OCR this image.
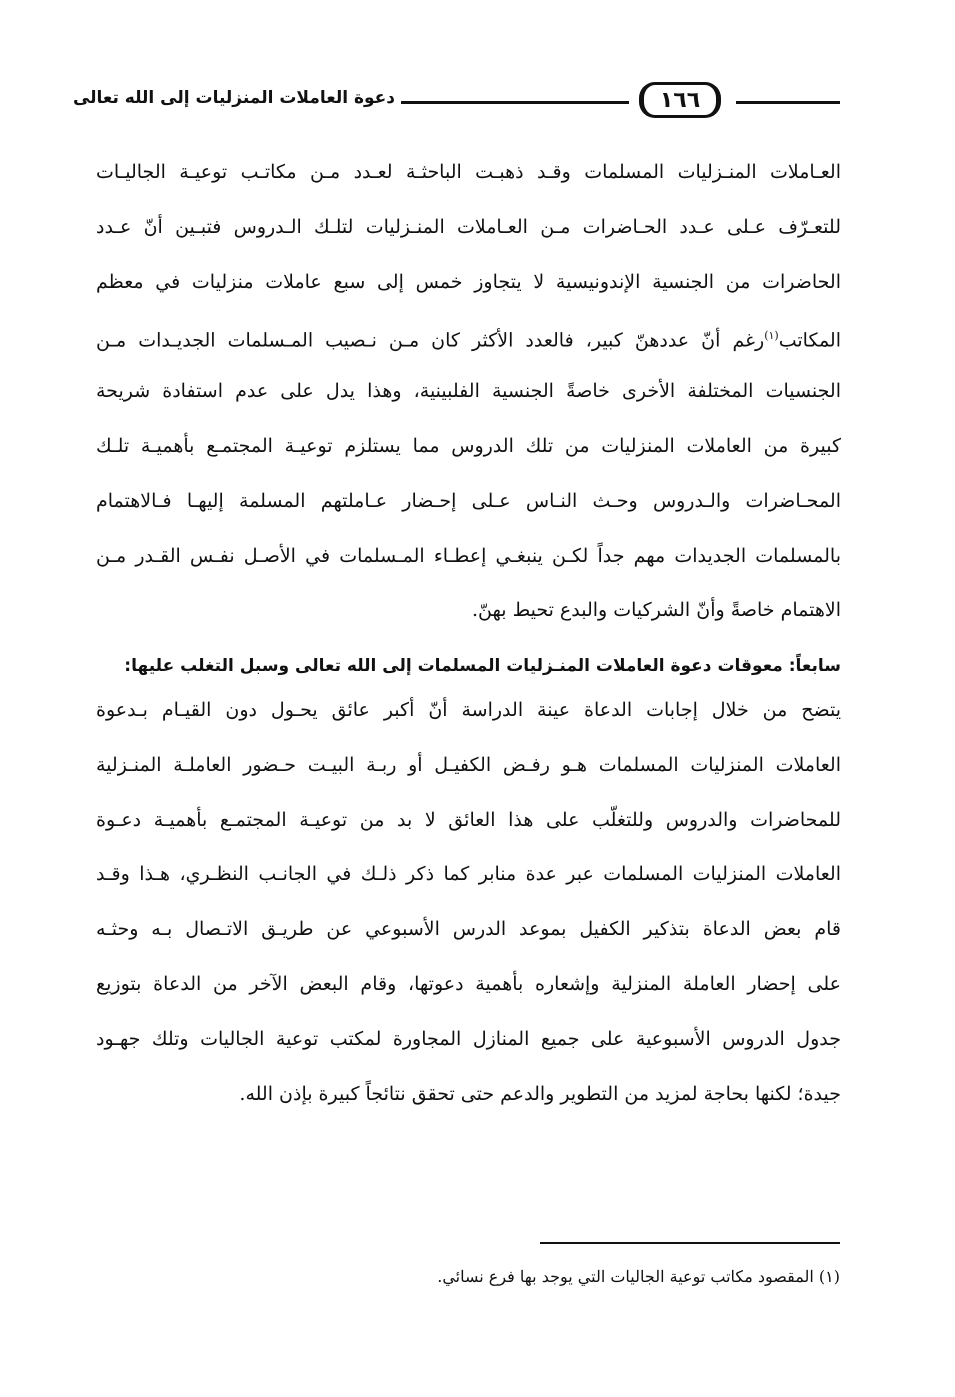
١٦٦
دعوة العاملات المنزليات إلى الله تعالى
العـاملات المنـزليات المسلمات وقـد ذهبـت الباحثـة لعـدد مـن مكاتـب توعيـة الجاليـات
للتعـرّف عـلى عـدد الحـاضرات مـن العـاملات المنـزليات لتلـك الـدروس فتبـين أنّ عـدد
الحاضرات من الجنسية الإندونيسية لا يتجاوز خمس إلى سبع عاملات منزليات في معظم
المكاتب$^{(١)}$رغم أنّ عددهنّ كبير، فالعدد الأكثر كان مـن نـصيب المـسلمات الجديـدات مـن
الجنسيات المختلفة الأخرى خاصةً الجنسية الفلبينية، وهذا يدل على عدم استفادة شريحة
كبيرة من العاملات المنزليات من تلك الدروس مما يستلزم توعيـة المجتمـع بأهميـة تلـك
المحـاضرات والـدروس وحـث النـاس عـلى إحـضار عـاملتهم المسلمة إليهـا فـالاهتمام
بالمسلمات الجديدات مهم جداً لكـن ينبغـي إعطـاء المـسلمات في الأصـل نفـس القـدر مـن
الاهتمام خاصةً وأنّ الشركيات والبدع تحيط بهنّ.
سابعاً: معوقات دعوة العاملات المنـزليات المسلمات إلى الله تعالى وسبل التغلب عليها:
يتضح من خلال إجابات الدعاة عينة الدراسة أنّ أكبر عائق يحـول دون القيـام بـدعوة
العاملات المنزليات المسلمات هـو رفـض الكفيـل أو ربـة البيـت حـضور العاملـة المنـزلية
للمحاضرات والدروس وللتغلّب على هذا العائق لا بد من توعيـة المجتمـع بأهميـة دعـوة
العاملات المنزليات المسلمات عبر عدة منابر كما ذكر ذلـك في الجانـب النظـري، هـذا وقـد
قام بعض الدعاة بتذكير الكفيل بموعد الدرس الأسبوعي عن طريـق الاتـصال بـه وحثـه
على إحضار العاملة المنزلية وإشعاره بأهمية دعوتها، وقام البعض الآخر من الدعاة بتوزيع
جدول الدروس الأسبوعية على جميع المنازل المجاورة لمكتب توعية الجاليات وتلك جهـود
جيدة؛ لكنها بحاجة لمزيد من التطوير والدعم حتى تحقق نتائجاً كبيرة بإذن الله.
(١) المقصود مكاتب توعية الجاليات التي يوجد بها فرع نسائي.
